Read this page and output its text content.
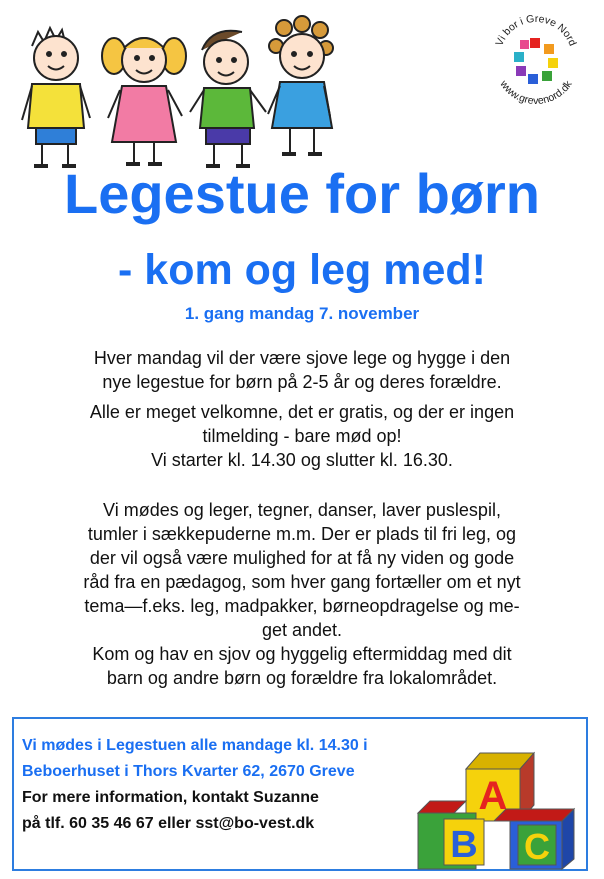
Vi bor i Greve Nord
www.grevenord.dk
Legestue for børn
- kom og leg med!

1. gang mandag 7. november

Hver mandag vil der være sjove lege og hygge i den

nye legestue for børn på 2-5 år og deres forældre.

Alle er meget velkomne, det er gratis, og der er ingen

tilmelding - bare mød op!

Vi starter kl. 14.30 og slutter kl. 16.30.

Vi mødes og leger, tegner, danser, laver puslespil,

tumler i sækkepuderne m.m. Der er plads til fri leg, og

der vil også være mulighed for at få ny viden og gode

råd fra en pædagog, som hver gang fortæller om et nyt

tema—f.eks. leg, madpakker, børneopdragelse og me-

get andet.

Kom og hav en sjov og hyggelig eftermiddag med dit

barn og andre børn og forældre fra lokalområdet.

Vi mødes i Legestuen alle mandage kl. 14.30 i

Beboerhuset i Thors Kvarter 62, 2670 Greve

For mere information, kontakt Suzanne

på tlf. 60 35 46 67 eller sst@bo-vest.dk

A
B C
